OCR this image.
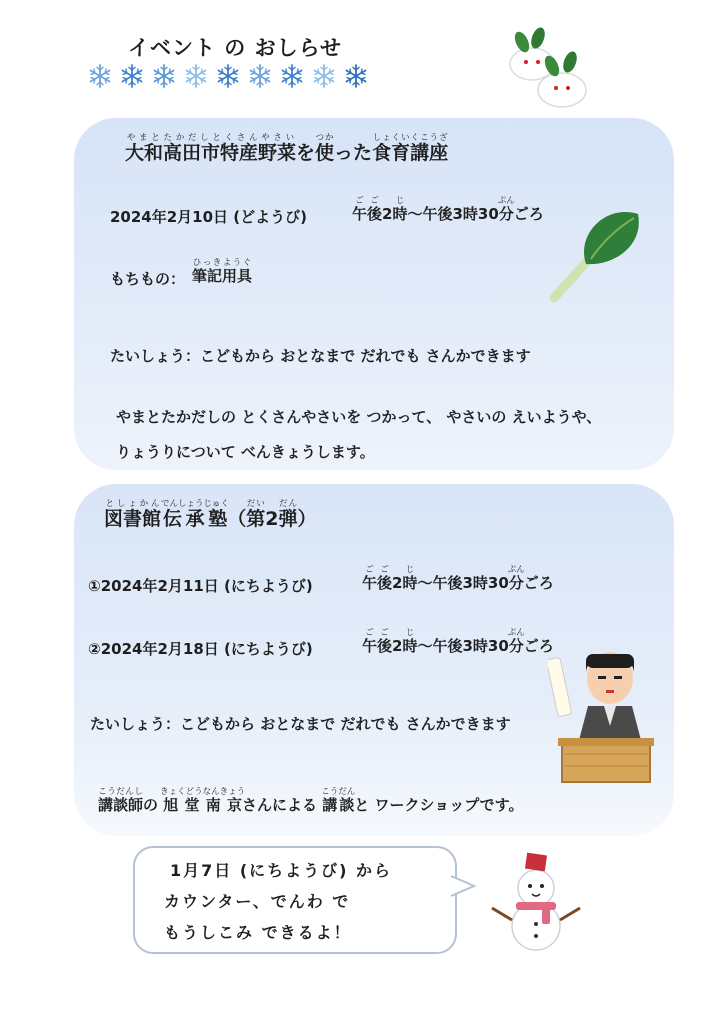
イベント の おしらせ
大和高田市特産野菜やまとたかだしとくさんやさいを使つかった食育講座しょくいくこうざ
2024年2月10日 (どようび)	午後ごご2時じ～午後3時30分ぷんごろ
もちもの： 筆記用具ひっきようぐ
たいしょう： こどもから おとなまで だれでも さんかできます
やまとたかだしの とくさんやさいを つかって、 やさいの えいようや、
りょうりについて べんきょうします。
図書館としょかん伝承塾でんしょうじゅく（第だい2弾だん）
①2024年2月11日 (にちようび)	午後ごご2時じ～午後3時30分ぷんごろ
②2024年2月18日 (にちようび)	午後ごご2時じ～午後3時30分ぷんごろ
たいしょう： こどもから おとなまで だれでも さんかできます
講談師こうだんしの 旭堂きょくどう 南京なんきょうさんによる 講談こうだんと ワークショップです。
1月7日 (にちようび) から
カウンター、でんわ で
もうしこみ できるよ！
